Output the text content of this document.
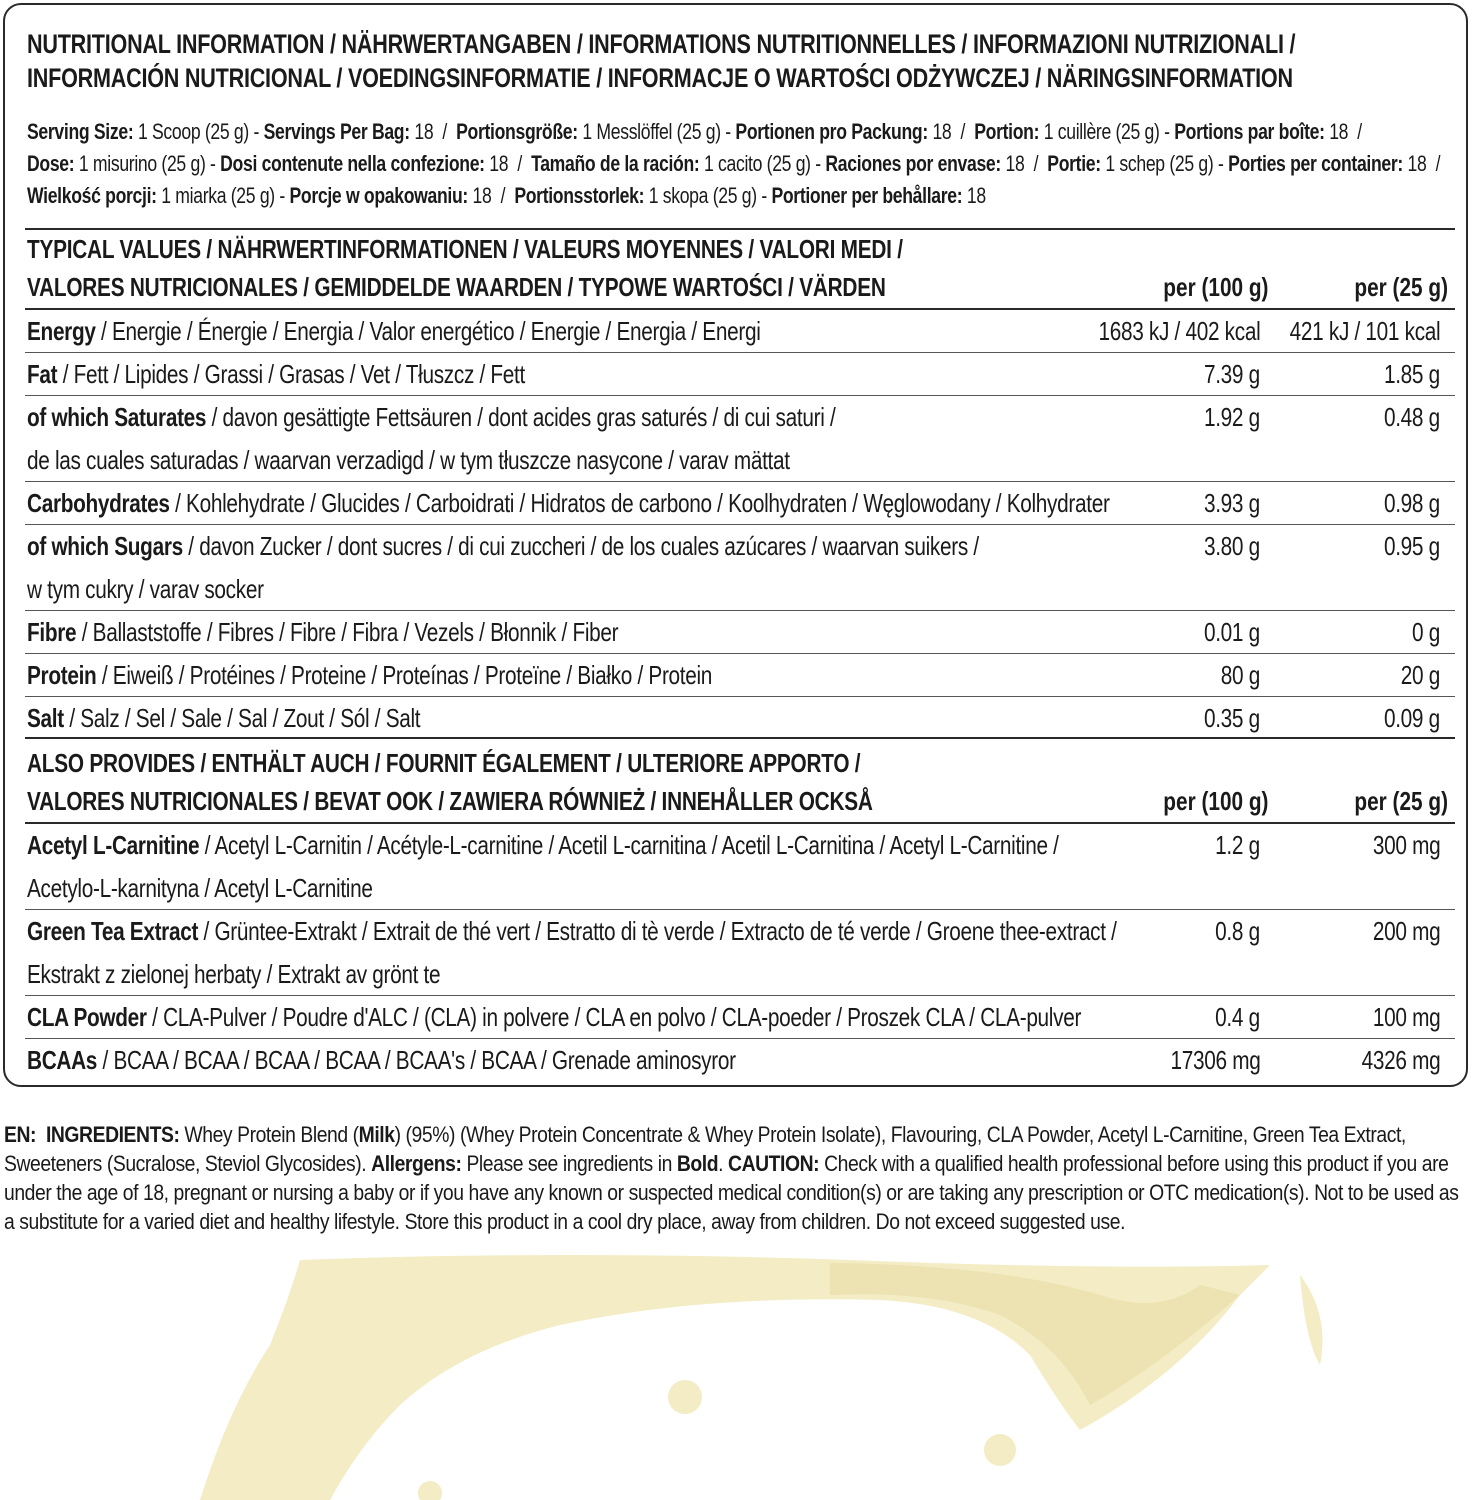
NUTRITIONAL INFORMATION / NÄHRWERTANGABEN / INFORMATIONS NUTRITIONNELLES / INFORMAZIONI NUTRIZIONALI /
INFORMACIÓN NUTRICIONAL / VOEDINGSINFORMATIE / INFORMACJE O WARTOŚCI ODŻYWCZEJ / NÄRINGSINFORMATION
Serving Size: 1 Scoop (25 g) - Servings Per Bag: 18  /  Portionsgröße: 1 Messlöffel (25 g) - Portionen pro Packung: 18  /  Portion: 1 cuillère (25 g) - Portions par boîte: 18  /
Dose: 1 misurino (25 g) - Dosi contenute nella confezione: 18  /  Tamaño de la ración: 1 cacito (25 g) - Raciones por envase: 18  /  Portie: 1 schep (25 g) - Porties per container: 18  /
Wielkość porcji: 1 miarka (25 g) - Porcje w opakowaniu: 18  /  Portionsstorlek: 1 skopa (25 g) - Portioner per behållare: 18
TYPICAL VALUES / NÄHRWERTINFORMATIONEN / VALEURS MOYENNES / VALORI MEDI /
VALORES NUTRICIONALES / GEMIDDELDE WAARDEN / TYPOWE WARTOŚCI / VÄRDEN	per (100 g)	per (25 g)
Energy / Energie / Énergie / Energia / Valor energético / Energie / Energia / Energi	1683 kJ / 402 kcal	421 kJ / 101 kcal
Fat / Fett / Lipides / Grassi / Grasas / Vet / Tłuszcz / Fett	7.39 g	1.85 g
of which Saturates / davon gesättigte Fettsäuren / dont acides gras saturés / di cui saturi /
de las cuales saturadas / waarvan verzadigd / w tym tłuszcze nasycone / varav mättat
1.92 g	0.48 g
Carbohydrates / Kohlehydrate / Glucides / Carboidrati / Hidratos de carbono / Koolhydraten / Węglowodany / Kolhydrater	3.93 g	0.98 g
of which Sugars / davon Zucker / dont sucres / di cui zuccheri / de los cuales azúcares / waarvan suikers /
w tym cukry / varav socker
3.80 g	0.95 g
Fibre / Ballaststoffe / Fibres / Fibre / Fibra / Vezels / Błonnik / Fiber	0.01 g	0 g
Protein / Eiweiß / Protéines / Proteine / Proteínas / Proteïne / Białko / Protein	80 g	20 g
Salt / Salz / Sel / Sale / Sal / Zout / Sól / Salt	0.35 g	0.09 g
ALSO PROVIDES / ENTHÄLT AUCH / FOURNIT ÉGALEMENT / ULTERIORE APPORTO /
VALORES NUTRICIONALES / BEVAT OOK / ZAWIERA RÓWNIEŻ / INNEHÅLLER OCKSÅ	per (100 g)	per (25 g)
Acetyl L-Carnitine / Acetyl L-Carnitin / Acétyle-L-carnitine / Acetil L-carnitina / Acetil L-Carnitina / Acetyl L-Carnitine /
Acetylo-L-karnityna / Acetyl L-Carnitine
1.2 g	300 mg
Green Tea Extract / Grüntee-Extrakt / Extrait de thé vert / Estratto di tè verde / Extracto de té verde / Groene thee-extract /
Ekstrakt z zielonej herbaty / Extrakt av grönt te
0.8 g	200 mg
CLA Powder / CLA-Pulver / Poudre d'ALC / (CLA) in polvere / CLA en polvo / CLA-poeder / Proszek CLA / CLA-pulver	0.4 g	100 mg
BCAAs / BCAA / BCAA / BCAA / BCAA / BCAA's / BCAA / Grenade aminosyror	17306 mg	4326 mg
EN: INGREDIENTS: Whey Protein Blend (Milk) (95%) (Whey Protein Concentrate & Whey Protein Isolate), Flavouring, CLA Powder, Acetyl L-Carnitine, Green Tea Extract, Sweeteners (Sucralose, Steviol Glycosides). Allergens: Please see ingredients in Bold. CAUTION: Check with a qualified health professional before using this product if you are under the age of 18, pregnant or nursing a baby or if you have any known or suspected medical condition(s) or are taking any prescription or OTC medication(s). Not to be used as a substitute for a varied diet and healthy lifestyle. Store this product in a cool dry place, away from children. Do not exceed suggested use.
